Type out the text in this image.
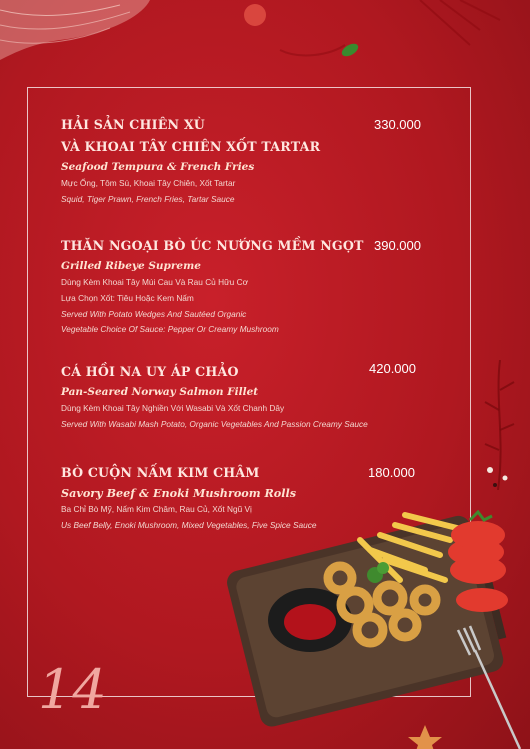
HẢI SẢN CHIÊN XÙ
VÀ KHOAI TÂY CHIÊN XỐT TARTAR
330.000
Seafood Tempura & French Fries
Mực Ống, Tôm Sú, Khoai Tây Chiên, Xốt Tartar
Squid, Tiger Prawn, French Fries, Tartar Sauce
THĂN NGOẠI BÒ ÚC NƯỚNG MỀM NGỌT 390.000
Grilled Ribeye Supreme
Dùng Kèm Khoai Tây Múi Cau Và Rau Củ Hữu Cơ
Lựa Chọn Xốt: Tiêu Hoặc Kem Nấm
Served With Potato Wedges And Sautéed Organic
Vegetable Choice Of Sauce: Pepper Or Creamy Mushroom
CÁ HỒI NA UY ÁP CHẢO	420.000
Pan-Seared Norway Salmon Fillet
Dùng Kèm Khoai Tây Nghiền Với Wasabi Và Xốt Chanh Dây
Served With Wasabi Mash Potato, Organic Vegetables And Passion Creamy Sauce
BÒ CUỘN NẤM KIM CHÂM	180.000
Savory Beef & Enoki Mushroom Rolls
Ba Chỉ Bò Mỹ, Nấm Kim Châm, Rau Củ, Xốt Ngũ Vị
Us Beef Belly, Enoki Mushroom, Mixed Vegetables, Five Spice Sauce
14
